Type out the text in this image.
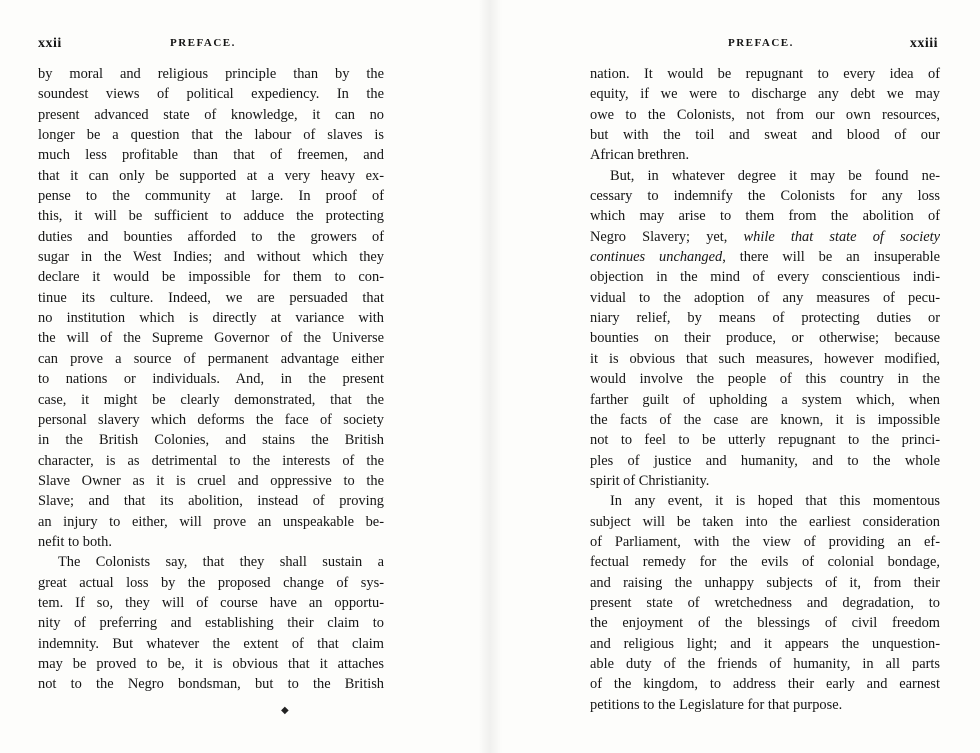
xxii	PREFACE.
by moral and religious principle than by the
soundest views of political expediency. In the
present advanced state of knowledge, it can no
longer be a question that the labour of slaves is
much less profitable than that of freemen, and
that it can only be supported at a very heavy ex-
pense to the community at large. In proof of
this, it will be sufficient to adduce the protecting
duties and bounties afforded to the growers of
sugar in the West Indies; and without which they
declare it would be impossible for them to con-
tinue its culture. Indeed, we are persuaded that
no institution which is directly at variance with
the will of the Supreme Governor of the Universe
can prove a source of permanent advantage either
to nations or individuals. And, in the present
case, it might be clearly demonstrated, that the
personal slavery which deforms the face of society
in the British Colonies, and stains the British
character, is as detrimental to the interests of the
Slave Owner as it is cruel and oppressive to the
Slave; and that its abolition, instead of proving
an injury to either, will prove an unspeakable be-
nefit to both.
The Colonists say, that they shall sustain a
great actual loss by the proposed change of sys-
tem. If so, they will of course have an opportu-
nity of preferring and establishing their claim to
indemnity. But whatever the extent of that claim
may be proved to be, it is obvious that it attaches
not to the Negro bondsman, but to the British
◆
PREFACE.	xxiii
nation. It would be repugnant to every idea of
equity, if we were to discharge any debt we may
owe to the Colonists, not from our own resources,
but with the toil and sweat and blood of our
African brethren.
But, in whatever degree it may be found ne-
cessary to indemnify the Colonists for any loss
which may arise to them from the abolition of
Negro Slavery; yet, while that state of society
continues unchanged, there will be an insuperable
objection in the mind of every conscientious indi-
vidual to the adoption of any measures of pecu-
niary relief, by means of protecting duties or
bounties on their produce, or otherwise; because
it is obvious that such measures, however modified,
would involve the people of this country in the
farther guilt of upholding a system which, when
the facts of the case are known, it is impossible
not to feel to be utterly repugnant to the princi-
ples of justice and humanity, and to the whole
spirit of Christianity.
In any event, it is hoped that this momentous
subject will be taken into the earliest consideration
of Parliament, with the view of providing an ef-
fectual remedy for the evils of colonial bondage,
and raising the unhappy subjects of it, from their
present state of wretchedness and degradation, to
the enjoyment of the blessings of civil freedom
and religious light; and it appears the unquestion-
able duty of the friends of humanity, in all parts
of the kingdom, to address their early and earnest
petitions to the Legislature for that purpose.
